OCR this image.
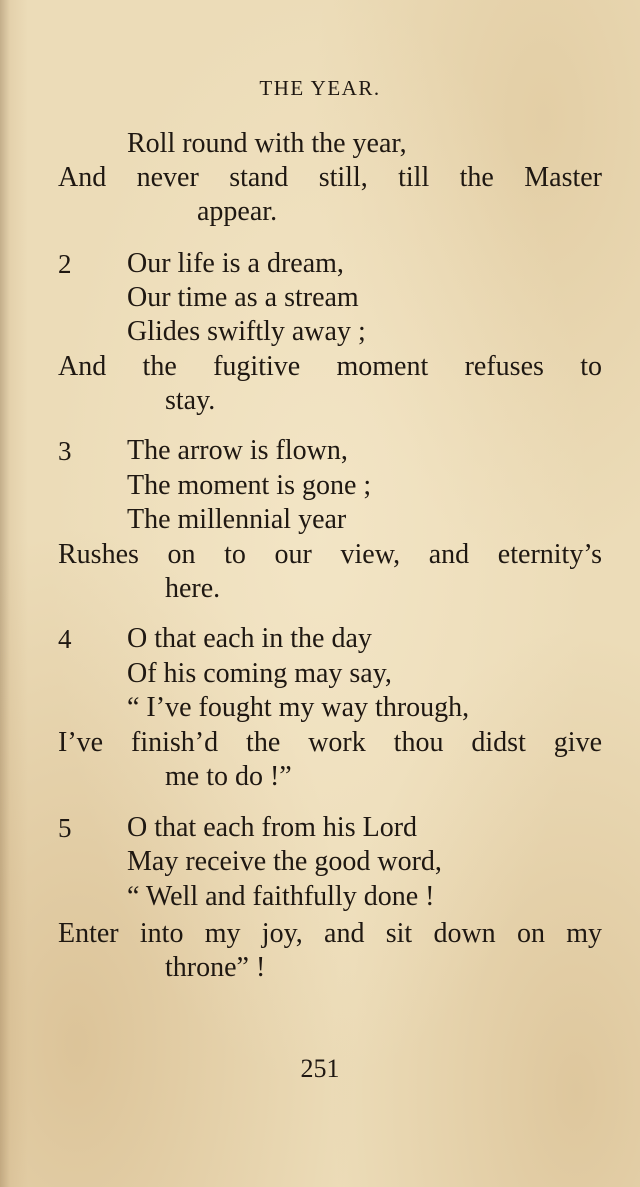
THE YEAR.
Roll round with the year,
And never stand still, till the Master
appear.
2 Our life is a dream,
Our time as a stream
Glides swiftly away ;
And the fugitive moment refuses to
stay.
3 The arrow is flown,
The moment is gone ;
The millennial year
Rushes on to our view, and eternity’s
here.
4 O that each in the day
Of his coming may say,
“ I’ve fought my way through,
I’ve finish’d the work thou didst give
me to do !”
5 O that each from his Lord
May receive the good word,
“ Well and faithfully done !
Enter into my joy, and sit down on my
throne” !
251
